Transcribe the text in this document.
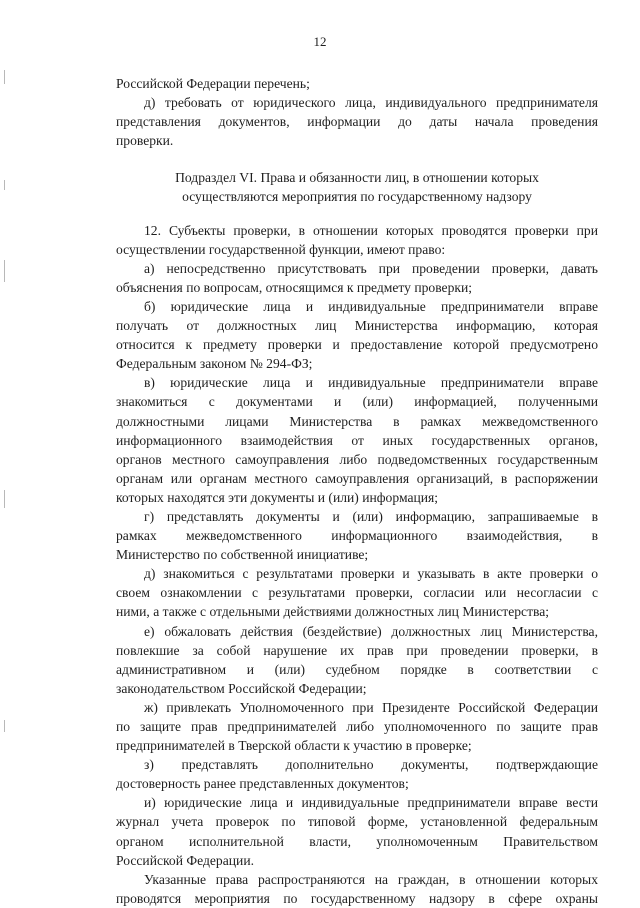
12
Российской Федерации перечень;
д) требовать от юридического лица, индивидуального предпринимателя
представления документов, информации до даты начала проведения
проверки.
Подраздел VI. Права и обязанности лиц, в отношении которых
осуществляются мероприятия по государственному надзору
12. Субъекты проверки, в отношении которых проводятся проверки при
осуществлении государственной функции, имеют право:
а) непосредственно присутствовать при проведении проверки, давать
объяснения по вопросам, относящимся к предмету проверки;
б) юридические лица и индивидуальные предприниматели вправе
получать от должностных лиц Министерства информацию, которая
относится к предмету проверки и предоставление которой предусмотрено
Федеральным законом № 294-ФЗ;
в) юридические лица и индивидуальные предприниматели вправе
знакомиться с документами и (или) информацией, полученными
должностными лицами Министерства в рамках межведомственного
информационного взаимодействия от иных государственных органов,
органов местного самоуправления либо подведомственных государственным
органам или органам местного самоуправления организаций, в распоряжении
которых находятся эти документы и (или) информация;
г) представлять документы и (или) информацию, запрашиваемые в
рамках межведомственного информационного взаимодействия, в
Министерство по собственной инициативе;
д) знакомиться с результатами проверки и указывать в акте проверки о
своем ознакомлении с результатами проверки, согласии или несогласии с
ними, а также с отдельными действиями должностных лиц Министерства;
е) обжаловать действия (бездействие) должностных лиц Министерства,
повлекшие за собой нарушение их прав при проведении проверки, в
административном и (или) судебном порядке в соответствии с
законодательством Российской Федерации;
ж) привлекать Уполномоченного при Президенте Российской Федерации
по защите прав предпринимателей либо уполномоченного по защите прав
предпринимателей в Тверской области к участию в проверке;
з) представлять дополнительно документы, подтверждающие
достоверность ранее представленных документов;
и) юридические лица и индивидуальные предприниматели вправе вести
журнал учета проверок по типовой форме, установленной федеральным
органом исполнительной власти, уполномоченным Правительством
Российской Федерации.
Указанные права распространяются на граждан, в отношении которых
проводятся мероприятия по государственному надзору в сфере охраны
